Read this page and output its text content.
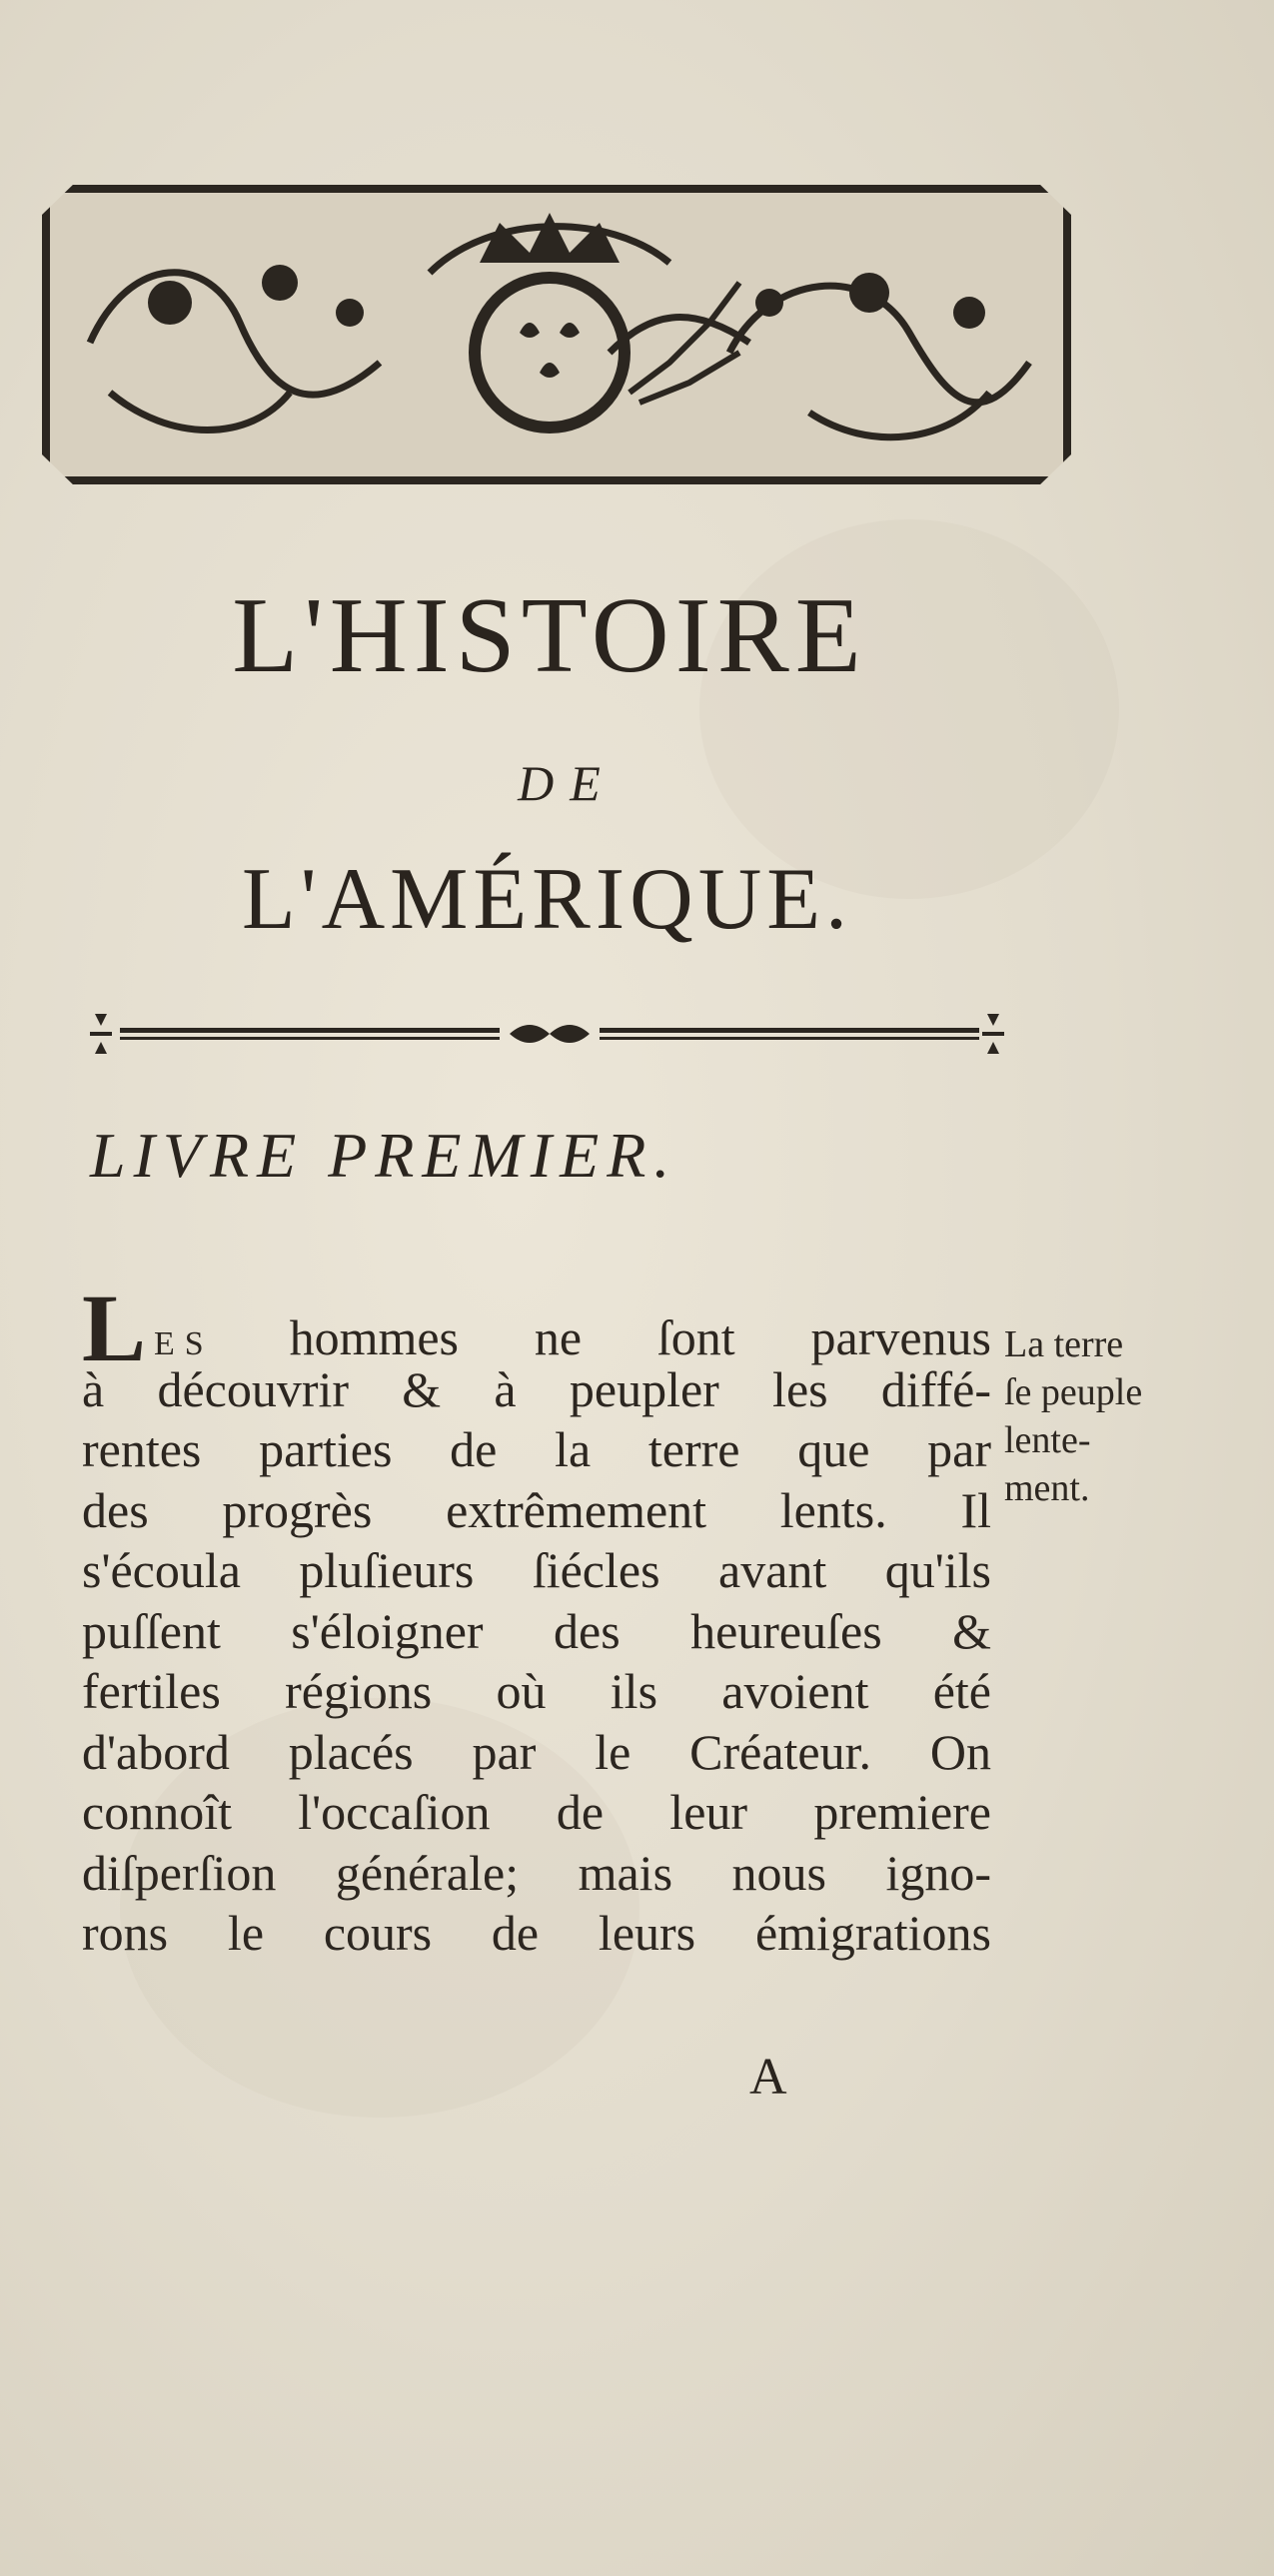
L'HISTOIRE
DE
L'AMÉRIQUE.
LIVRE PREMIER.
LES hommes ne ſont parvenus
à découvrir & à peupler les diffé-
rentes parties de la terre que par
des progrès extrêmement lents. Il
s'écoula pluſieurs ſiécles avant qu'ils
puſſent s'éloigner des heureuſes &
fertiles régions où ils avoient été
d'abord placés par le Créateur. On
connoît l'occaſion de leur premiere
diſperſion générale; mais nous igno-
rons le cours de leurs émigrations
La terre
ſe peuple
lente-
ment.
A
